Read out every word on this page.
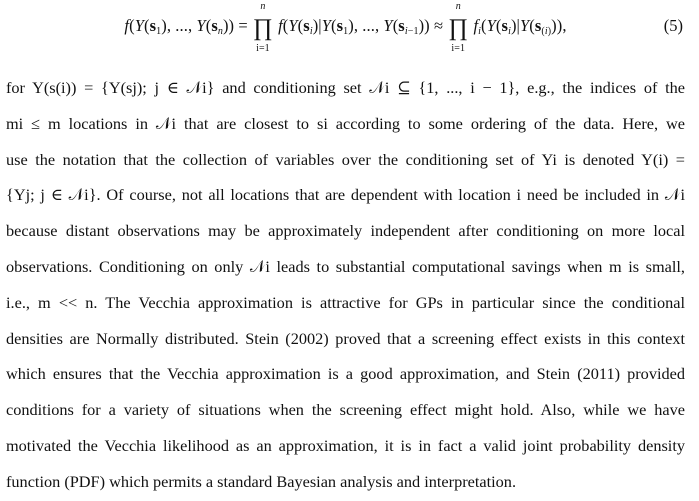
$f(Y(s_1)$, ..., $Y(s_n)$) = ∏
n
i=1
$f(Y(s_i)|Y(s_1)$, ..., $Y(s_{i-1})$) ≈ ∏
n
i=1
$f_i(Y(s_i)|Y(s_{(i)}))$,	(5)
for Y(s(i)) = {Y(sj); j ∈ 𝒩i} and conditioning set 𝒩i ⊆ {1, ..., i − 1}, e.g., the indices of the
mi ≤ m locations in 𝒩i that are closest to si according to some ordering of the data. Here, we
use the notation that the collection of variables over the conditioning set of Yi is denoted Y(i) =
{Yj; j ∈ 𝒩i}. Of course, not all locations that are dependent with location i need be included in 𝒩i
because distant observations may be approximately independent after conditioning on more local
observations. Conditioning on only 𝒩i leads to substantial computational savings when m is small,
i.e., m << n. The Vecchia approximation is attractive for GPs in particular since the conditional
densities are Normally distributed. Stein (2002) proved that a screening effect exists in this context
which ensures that the Vecchia approximation is a good approximation, and Stein (2011) provided
conditions for a variety of situations when the screening effect might hold. Also, while we have
motivated the Vecchia likelihood as an approximation, it is in fact a valid joint probability density
function (PDF) which permits a standard Bayesian analysis and interpretation.
